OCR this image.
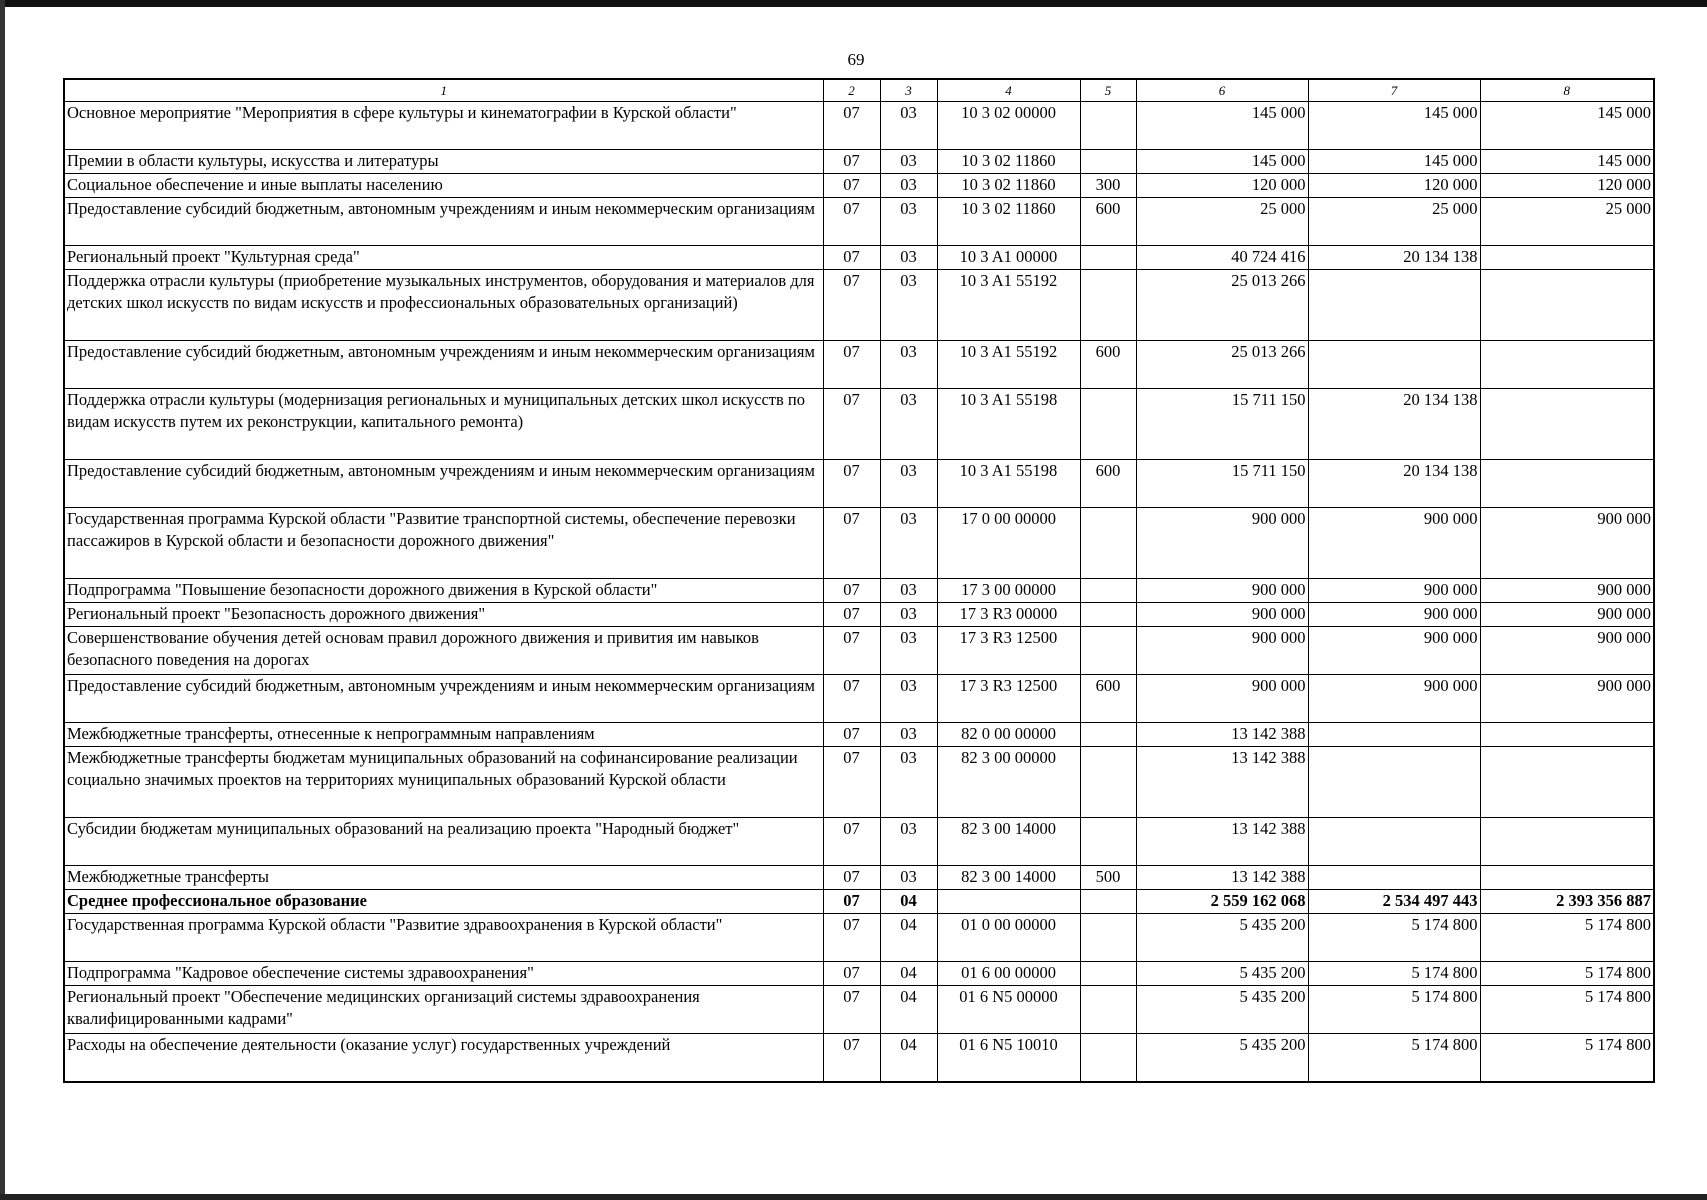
69
1	2	3	4	5	6	7	8
Основное мероприятие "Мероприятия в сфере культуры и кинематографии в Курской области"	07	03	10 3 02 00000		145 000	145 000	145 000
Премии в области культуры, искусства и литературы	07	03	10 3 02 11860		145 000	145 000	145 000
Социальное обеспечение и иные выплаты населению	07	03	10 3 02 11860	300	120 000	120 000	120 000
Предоставление субсидий бюджетным, автономным учреждениям и иным некоммерческим организациям	07	03	10 3 02 11860	600	25 000	25 000	25 000
Региональный проект "Культурная среда"	07	03	10 3 A1 00000		40 724 416	20 134 138	
Поддержка отрасли культуры (приобретение музыкальных инструментов, оборудования и материалов для детских школ искусств по видам искусств и профессиональных образовательных организаций)	07	03	10 3 A1 55192		25 013 266		
Предоставление субсидий бюджетным, автономным учреждениям и иным некоммерческим организациям	07	03	10 3 A1 55192	600	25 013 266		
Поддержка отрасли культуры (модернизация региональных и муниципальных детских школ искусств по видам искусств путем их реконструкции, капитального ремонта)	07	03	10 3 A1 55198		15 711 150	20 134 138	
Предоставление субсидий бюджетным, автономным учреждениям и иным некоммерческим организациям	07	03	10 3 A1 55198	600	15 711 150	20 134 138	
Государственная программа Курской области "Развитие транспортной системы, обеспечение перевозки пассажиров в Курской области и безопасности дорожного движения"	07	03	17 0 00 00000		900 000	900 000	900 000
Подпрограмма "Повышение безопасности дорожного движения в Курской области"	07	03	17 3 00 00000		900 000	900 000	900 000
Региональный проект "Безопасность дорожного движения"	07	03	17 3 R3 00000		900 000	900 000	900 000
Совершенствование обучения детей основам правил дорожного движения и привития им навыков безопасного поведения на дорогах	07	03	17 3 R3 12500		900 000	900 000	900 000
Предоставление субсидий бюджетным, автономным учреждениям и иным некоммерческим организациям	07	03	17 3 R3 12500	600	900 000	900 000	900 000
Межбюджетные трансферты, отнесенные к непрограммным направлениям	07	03	82 0 00 00000		13 142 388		
Межбюджетные трансферты бюджетам муниципальных образований на софинансирование реализации социально значимых проектов на территориях муниципальных образований Курской области	07	03	82 3 00 00000		13 142 388		
Субсидии бюджетам муниципальных образований на реализацию проекта "Народный бюджет"	07	03	82 3 00 14000		13 142 388		
Межбюджетные трансферты	07	03	82 3 00 14000	500	13 142 388		
Среднее профессиональное образование	07	04			2 559 162 068	2 534 497 443	2 393 356 887
Государственная программа Курской области "Развитие здравоохранения в Курской области"	07	04	01 0 00 00000		5 435 200	5 174 800	5 174 800
Подпрограмма "Кадровое обеспечение системы здравоохранения"	07	04	01 6 00 00000		5 435 200	5 174 800	5 174 800
Региональный проект "Обеспечение медицинских организаций системы здравоохранения квалифицированными кадрами"	07	04	01 6 N5 00000		5 435 200	5 174 800	5 174 800
Расходы на обеспечение деятельности (оказание услуг) государственных учреждений	07	04	01 6 N5 10010		5 435 200	5 174 800	5 174 800
